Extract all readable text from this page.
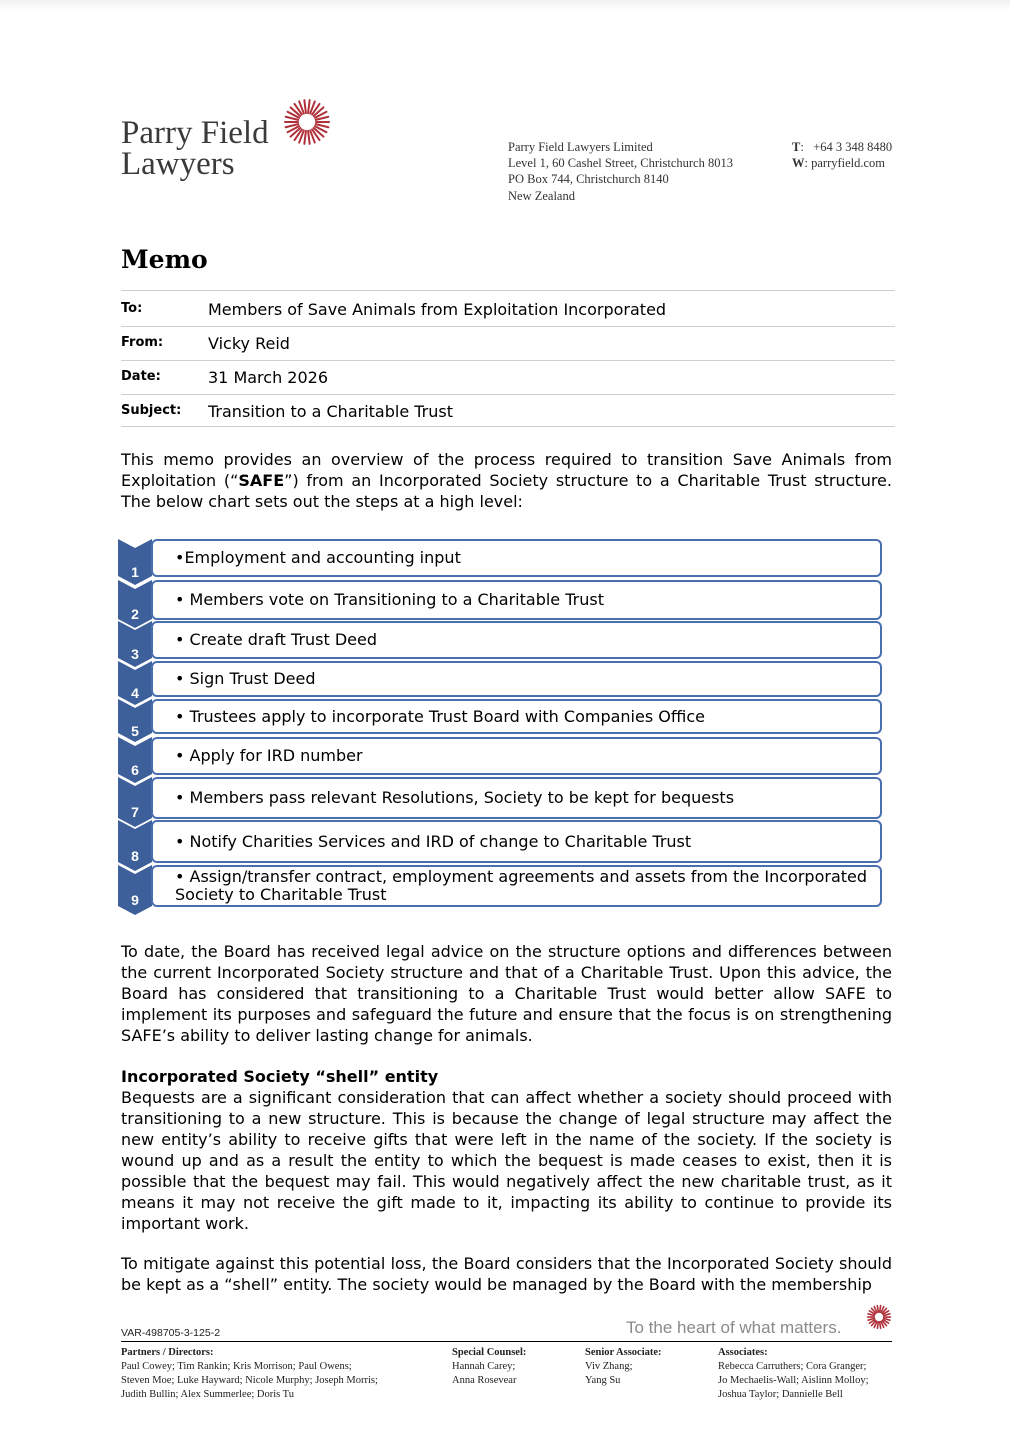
Parry Field
Lawyers	Parry Field Lawyers Limited
Level 1, 60 Cashel Street, Christchurch 8013
PO Box 744, Christchurch 8140
New Zealand
T:   +64 3 348 8480
W: parryfield.com
Memo
To:	Members of Save Animals from Exploitation Incorporated
From:	Vicky Reid
Date:	31 March 2026
Subject: Transition to a Charitable Trust
This memo provides an overview of the process required to transition Save Animals from Exploitation (“SAFE”) from an Incorporated Society structure to a Charitable Trust structure. The below chart sets out the steps at a high level:
1
•Employment and accounting input
2
• Members vote on Transitioning to a Charitable Trust
3
• Create draft Trust Deed
4
• Sign Trust Deed
5
• Trustees apply to incorporate Trust Board with Companies Office
6
• Apply for IRD number
7
• Members pass relevant Resolutions, Society to be kept for bequests
8
• Notify Charities Services and IRD of change to Charitable Trust
9
• Assign/transfer contract, employment agreements and assets from the Incorporated Society to Charitable Trust
To date, the Board has received legal advice on the structure options and differences between the current Incorporated Society structure and that of a Charitable Trust. Upon this advice, the Board has considered that transitioning to a Charitable Trust would better allow SAFE to implement its purposes and safeguard the future and ensure that the focus is on strengthening SAFE’s ability to deliver lasting change for animals.
Incorporated Society “shell” entity
Bequests are a significant consideration that can affect whether a society should proceed with transitioning to a new structure. This is because the change of legal structure may affect the new entity’s ability to receive gifts that were left in the name of the society. If the society is wound up and as a result the entity to which the bequest is made ceases to exist, then it is possible that the bequest may fail. This would negatively affect the new charitable trust, as it means it may not receive the gift made to it, impacting its ability to continue to provide its important work.
To mitigate against this potential loss, the Board considers that the Incorporated Society should be kept as a “shell” entity. The society would be managed by the Board with the membership
VAR-498705-3-125-2	To the heart of what matters.
Partners / Directors:
Paul Cowey; Tim Rankin; Kris Morrison; Paul Owens;
Steven Moe; Luke Hayward; Nicole Murphy; Joseph Morris;
Judith Bullin; Alex Summerlee; Doris Tu
Special Counsel:
Hannah Carey;
Anna Rosevear
Senior Associate:
Viv Zhang;
Yang Su
Associates:
Rebecca Carruthers; Cora Granger;
Jo Mechaelis-Wall; Aislinn Molloy;
Joshua Taylor; Dannielle Bell
